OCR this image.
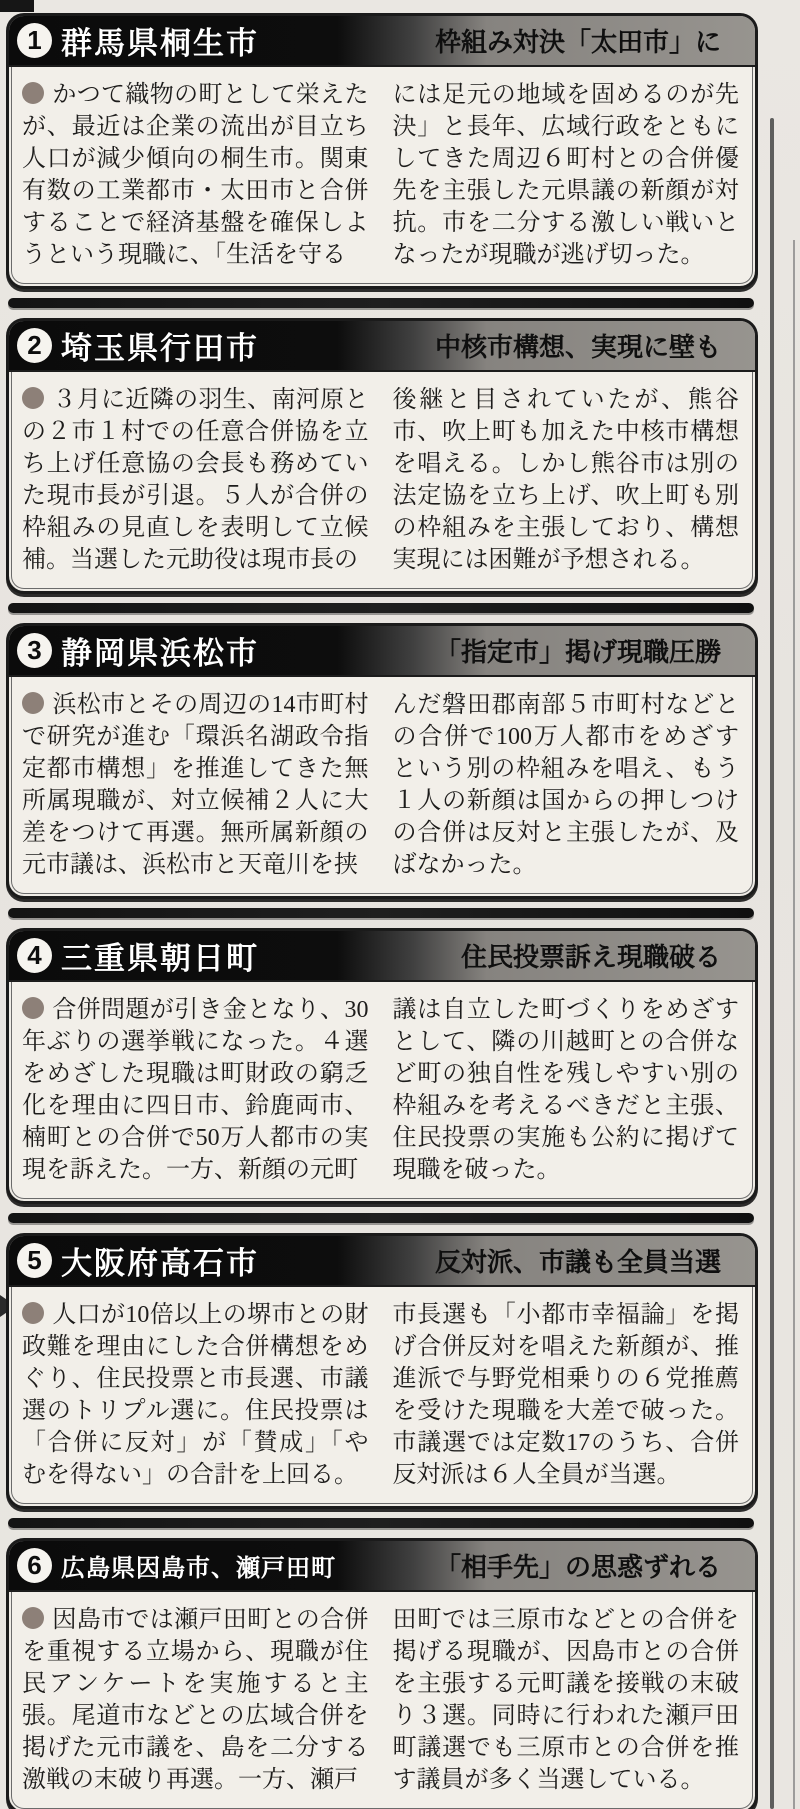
1 群馬県桐生市	枠組み対決「太田市」に

かつて織物の町として栄えたが、最近は企業の流出が目立ち人口が減少傾向の桐生市。関東有数の工業都市・太田市と合併することで経済基盤を確保しようという現職に、「生活を守る

には足元の地域を固めるのが先決」と長年、広域行政をともにしてきた周辺６町村との合併優先を主張した元県議の新顔が対抗。市を二分する激しい戦いとなったが現職が逃げ切った。

2 埼玉県行田市	中核市構想、実現に壁も

３月に近隣の羽生、南河原との２市１村での任意合併協を立ち上げ任意協の会長も務めていた現市長が引退。５人が合併の枠組みの見直しを表明して立候補。当選した元助役は現市長の

後継と目されていたが、熊谷市、吹上町も加えた中核市構想を唱える。しかし熊谷市は別の法定協を立ち上げ、吹上町も別の枠組みを主張しており、構想実現には困難が予想される。

3 静岡県浜松市	「指定市」掲げ現職圧勝

浜松市とその周辺の14市町村で研究が進む「環浜名湖政令指定都市構想」を推進してきた無所属現職が、対立候補２人に大差をつけて再選。無所属新顔の元市議は、浜松市と天竜川を挟

んだ磐田郡南部５市町村などとの合併で100万人都市をめざすという別の枠組みを唱え、もう１人の新顔は国からの押しつけの合併は反対と主張したが、及ばなかった。

4 三重県朝日町	住民投票訴え現職破る

合併問題が引き金となり、30年ぶりの選挙戦になった。４選をめざした現職は町財政の窮乏化を理由に四日市、鈴鹿両市、楠町との合併で50万人都市の実現を訴えた。一方、新顔の元町

議は自立した町づくりをめざすとして、隣の川越町との合併など町の独自性を残しやすい別の枠組みを考えるべきだと主張、住民投票の実施も公約に掲げて現職を破った。

5 大阪府高石市	反対派、市議も全員当選

人口が10倍以上の堺市との財政難を理由にした合併構想をめぐり、住民投票と市長選、市議選のトリプル選に。住民投票は「合併に反対」が「賛成」「やむを得ない」の合計を上回る。

市長選も「小都市幸福論」を掲げ合併反対を唱えた新顔が、推進派で与野党相乗りの６党推薦を受けた現職を大差で破った。市議選では定数17のうち、合併反対派は６人全員が当選。

6 広島県因島市、瀬戸田町	「相手先」の思惑ずれる

因島市では瀬戸田町との合併を重視する立場から、現職が住民アンケートを実施すると主張。尾道市などとの広域合併を掲げた元市議を、島を二分する激戦の末破り再選。一方、瀬戸

田町では三原市などとの合併を掲げる現職が、因島市との合併を主張する元町議を接戦の末破り３選。同時に行われた瀬戸田町議選でも三原市との合併を推す議員が多く当選している。
